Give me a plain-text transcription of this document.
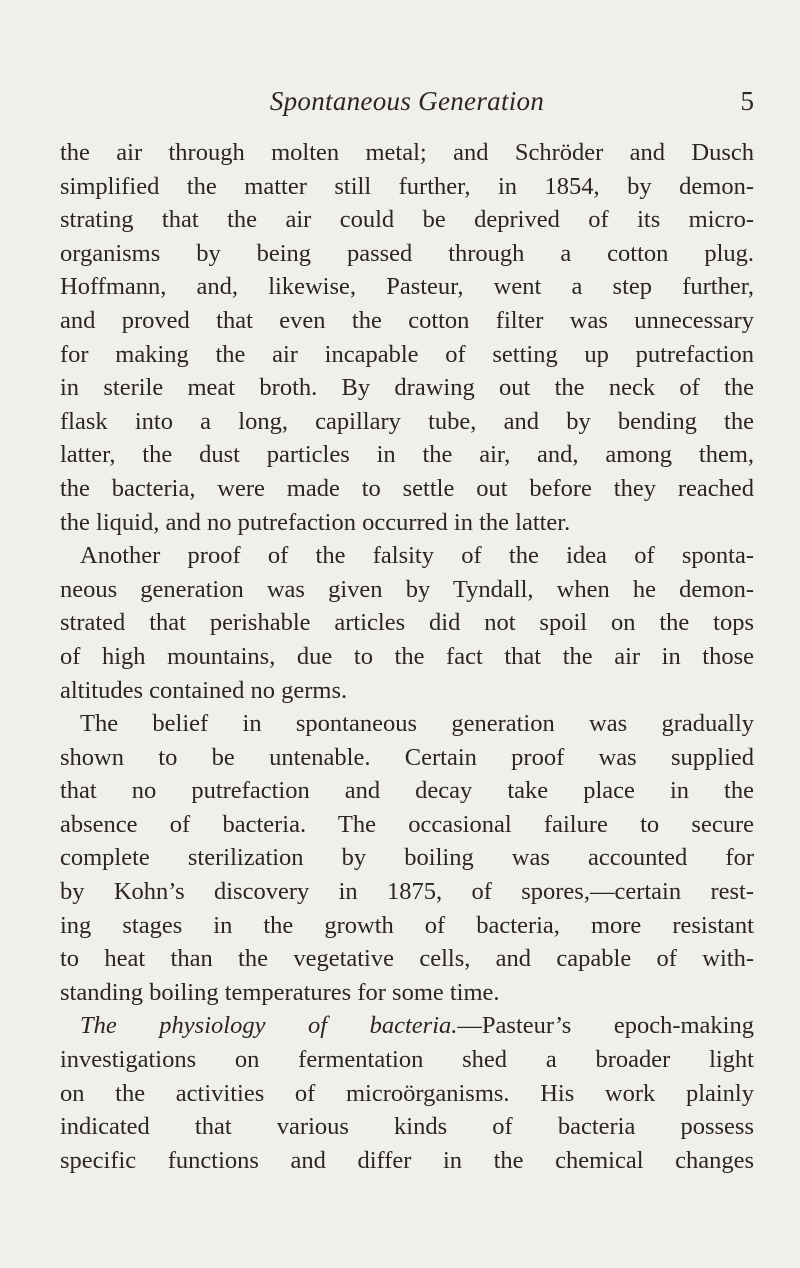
Spontaneous Generation	5
the air through molten metal; and Schröder and Dusch
simplified the matter still further, in 1854, by demon-
strating that the air could be deprived of its micro-
organisms by being passed through a cotton plug.
Hoffmann, and, likewise, Pasteur, went a step further,
and proved that even the cotton filter was unnecessary
for making the air incapable of setting up putrefaction
in sterile meat broth. By drawing out the neck of the
flask into a long, capillary tube, and by bending the
latter, the dust particles in the air, and, among them,
the bacteria, were made to settle out before they reached
the liquid, and no putrefaction occurred in the latter.
Another proof of the falsity of the idea of sponta-
neous generation was given by Tyndall, when he demon-
strated that perishable articles did not spoil on the tops
of high mountains, due to the fact that the air in those
altitudes contained no germs.
The belief in spontaneous generation was gradually
shown to be untenable. Certain proof was supplied
that no putrefaction and decay take place in the
absence of bacteria. The occasional failure to secure
complete sterilization by boiling was accounted for
by Kohn’s discovery in 1875, of spores,—certain rest-
ing stages in the growth of bacteria, more resistant
to heat than the vegetative cells, and capable of with-
standing boiling temperatures for some time.
The physiology of bacteria.—Pasteur’s epoch-making
investigations on fermentation shed a broader light
on the activities of microörganisms. His work plainly
indicated that various kinds of bacteria possess
specific functions and differ in the chemical changes
